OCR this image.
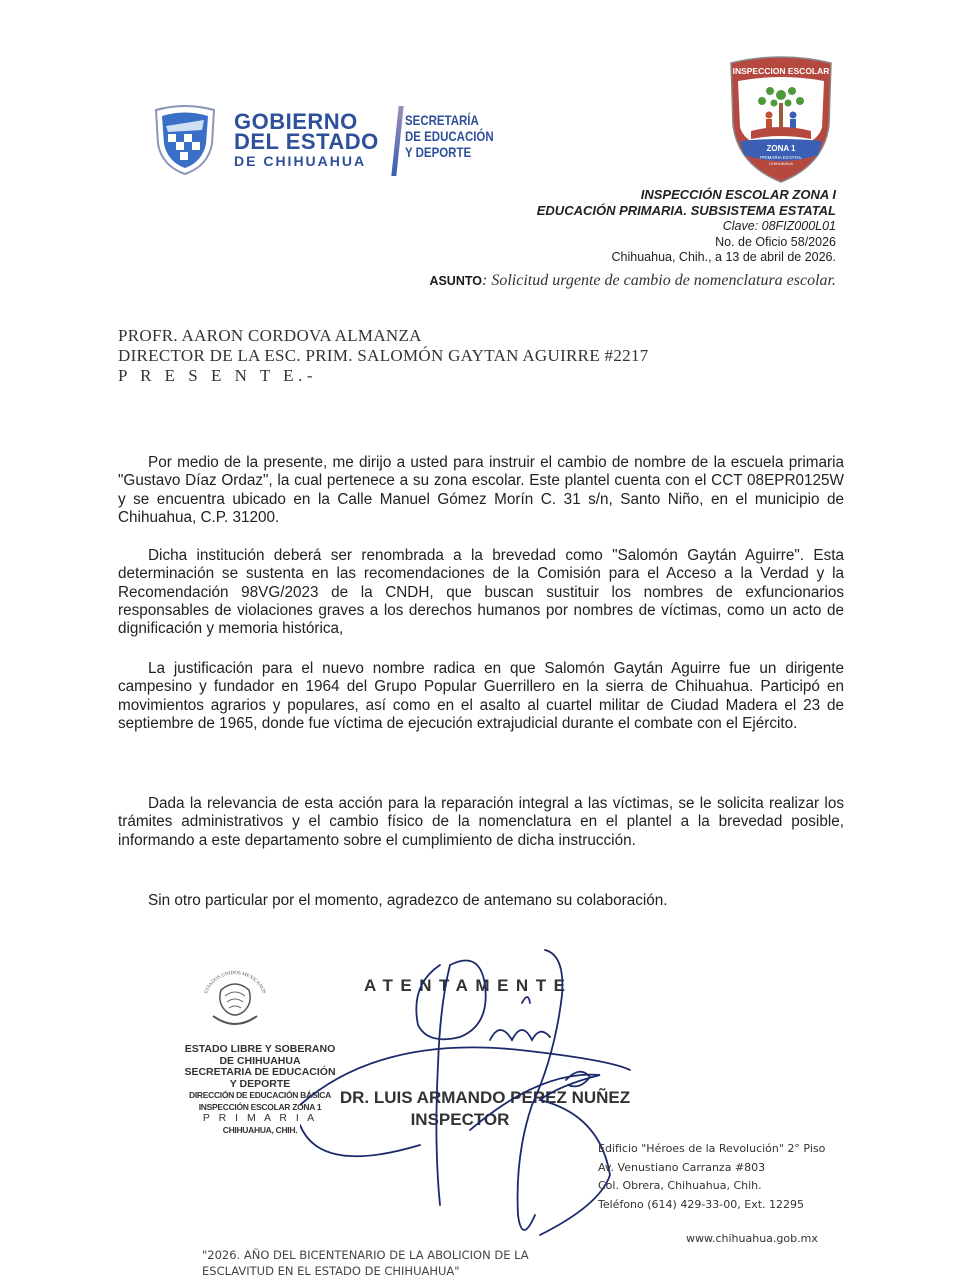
GOBIERNO
DEL ESTADO
DE CHIHUAHUA
SECRETARÍA
DE EDUCACIÓN
Y DEPORTE
INSPECCION ESCOLAR
ZONA 1
PRIMARIA ESTATAL
CHIHUAHUA
INSPECCIÓN ESCOLAR ZONA I
EDUCACIÓN PRIMARIA. SUBSISTEMA ESTATAL
Clave: 08FIZ000L01
No. de Oficio 58/2026
Chihuahua, Chih., a 13 de abril de 2026.
ASUNTO: Solicitud urgente de cambio de nomenclatura escolar.
PROFR. AARON CORDOVA ALMANZA
DIRECTOR DE LA ESC. PRIM. SALOMÓN GAYTAN AGUIRRE #2217
P R E S E N T E.-

Por medio de la presente, me dirijo a usted para instruir el cambio de nombre de la escuela primaria "Gustavo Díaz Ordaz", la cual pertenece a su zona escolar. Este plantel cuenta con el CCT 08EPR0125W y se encuentra ubicado en la Calle Manuel Gómez Morín C. 31 s/n, Santo Niño, en el municipio de Chihuahua, C.P. 31200.

Dicha institución deberá ser renombrada a la brevedad como "Salomón Gaytán Aguirre". Esta determinación se sustenta en las recomendaciones de la Comisión para el Acceso a la Verdad y la Recomendación 98VG/2023 de la CNDH, que buscan sustituir los nombres de exfuncionarios responsables de violaciones graves a los derechos humanos por nombres de víctimas, como un acto de dignificación y memoria histórica,

La justificación para el nuevo nombre radica en que Salomón Gaytán Aguirre fue un dirigente campesino y fundador en 1964 del Grupo Popular Guerrillero en la sierra de Chihuahua. Participó en movimientos agrarios y populares, así como en el asalto al cuartel militar de Ciudad Madera el 23 de septiembre de 1965, donde fue víctima de ejecución extrajudicial durante el combate con el Ejército.

Dada la relevancia de esta acción para la reparación integral a las víctimas, se le solicita realizar los trámites administrativos y el cambio físico de la nomenclatura en el plantel a la brevedad posible, informando a este departamento sobre el cumplimiento de dicha instrucción.

Sin otro particular por el momento, agradezco de antemano su colaboración.

ESTADOS UNIDOS MEXICANOS
ESTADO LIBRE Y SOBERANO
DE CHIHUAHUA
SECRETARIA DE EDUCACIÓN
Y DEPORTE
DIRECCIÓN DE EDUCACIÓN BÁSICA
INSPECCIÓN ESCOLAR ZONA 1
P R I M A R I A
CHIHUAHUA, CHIH.
ATENTAMENTE
DR. LUIS ARMANDO PEREZ NUÑEZ
INSPECTOR
Edificio "Héroes de la Revolución" 2° Piso
Av. Venustiano Carranza #803
Col. Obrera, Chihuahua, Chih.
Teléfono (614) 429-33-00, Ext. 12295
www.chihuahua.gob.mx
"2026. AÑO DEL BICENTENARIO DE LA ABOLICION DE LA
ESCLAVITUD EN EL ESTADO DE CHIHUAHUA"
